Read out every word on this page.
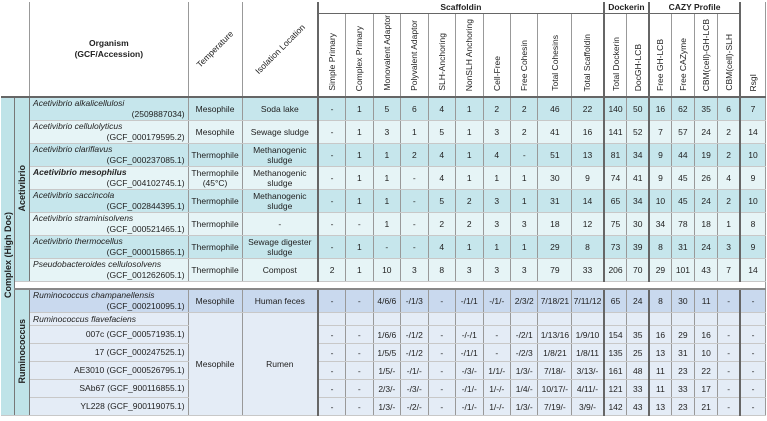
		Organism
(GCF/Accession)	Temperature	Isolation Location	Scaffoldin										Dockerin		CAZY Profile				RsgI

					Simple Primary	Complex Primary	Monovalent Adaptor	Polyvalent Adaptor	SLH-Anchoring	NonSLH Anchoring	Cell-Free	Free Cohesin	Total Cohesins	Total Scaffoldin	Total Dockerin	DocGH-LCB	Free GH-LCB	Free CAZyme	CBM(cell)-GH-LCB	CBM(cell)-SLH	

Complex (High Doc)	Acetivibrio	Acetivibrio alkalicellulosi
(2509887034)	Mesophile	Soda lake	-	1	5	6	4	1	2	2	46	22	140	50	16	62	35	6	7

		Acetivibrio cellulolyticus
(GCF_000179595.2)	Mesophile	Sewage sludge	-	1	3	1	5	1	3	2	41	16	141	52	7	57	24	2	14

		Acetivibrio clariflavus
(GCF_000237085.1)	Thermophile	Methanogenic sludge	-	1	1	2	4	1	4	-	51	13	81	34	9	44	19	2	10

		Acetivibrio mesophilus
(GCF_004102745.1)	Thermophile (45°C)	Methanogenic sludge	-	1	1	-	4	1	1	1	30	9	74	41	9	45	26	4	9

		Acetivibrio saccincola
(GCF_002844395.1)	Thermophile	Methanogenic sludge	-	1	1	-	5	2	3	1	31	14	65	34	10	45	24	2	10

		Acetivibrio straminisolvens
(GCF_000521465.1)	Thermophile	-	-	-	1	-	2	2	3	3	18	12	75	30	34	78	18	1	8

		Acetivibrio thermocellus
(GCF_000015865.1)	Thermophile	Sewage digester sludge	-	1	-	-	4	1	1	1	29	8	73	39	8	31	24	3	9

		Pseudobacteroides cellulosolvens
(GCF_001262605.1)	Thermophile	Compost	2	1	10	3	8	3	3	3	79	33	206	70	29	101	43	7	14

	Ruminococcus	Ruminococcus champanellensis
(GCF_000210095.1)	Mesophile	Human feces	-	-	4/6/6	-/1/3	-	-/1/1	-/1/-	2/3/2	7/18/21	7/11/12	65	24	8	30	11	-	-
		Ruminococcus flavefaciens	Mesophile	Rumen																	
		007c (GCF_000571935.1)			-	-	1/6/6	-/1/2	-	-/-/1	-	-/2/1	1/13/16	1/9/10	154	35	16	29	16	-	-
		17 (GCF_000247525.1)			-	-	1/5/5	-/1/2	-	-/1/1	-	-/2/3	1/8/21	1/8/11	135	25	13	31	10	-	-
		AE3010 (GCF_000526795.1)			-	-	1/5/-	-/1/-	-	-/3/-	1/1/-	1/3/-	7/18/-	3/13/-	161	48	11	23	22	-	-
		SAb67 (GCF_900116855.1)			-	-	2/3/-	-/3/-	-	-/1/-	1/-/-	1/4/-	10/17/-	4/11/-	121	33	11	33	17	-	-
		YL228 (GCF_900119075.1)			-	-	1/3/-	-/2/-	-	-/1/-	1/-/-	1/3/-	7/19/-	3/9/-	142	43	13	23	21	-	-
